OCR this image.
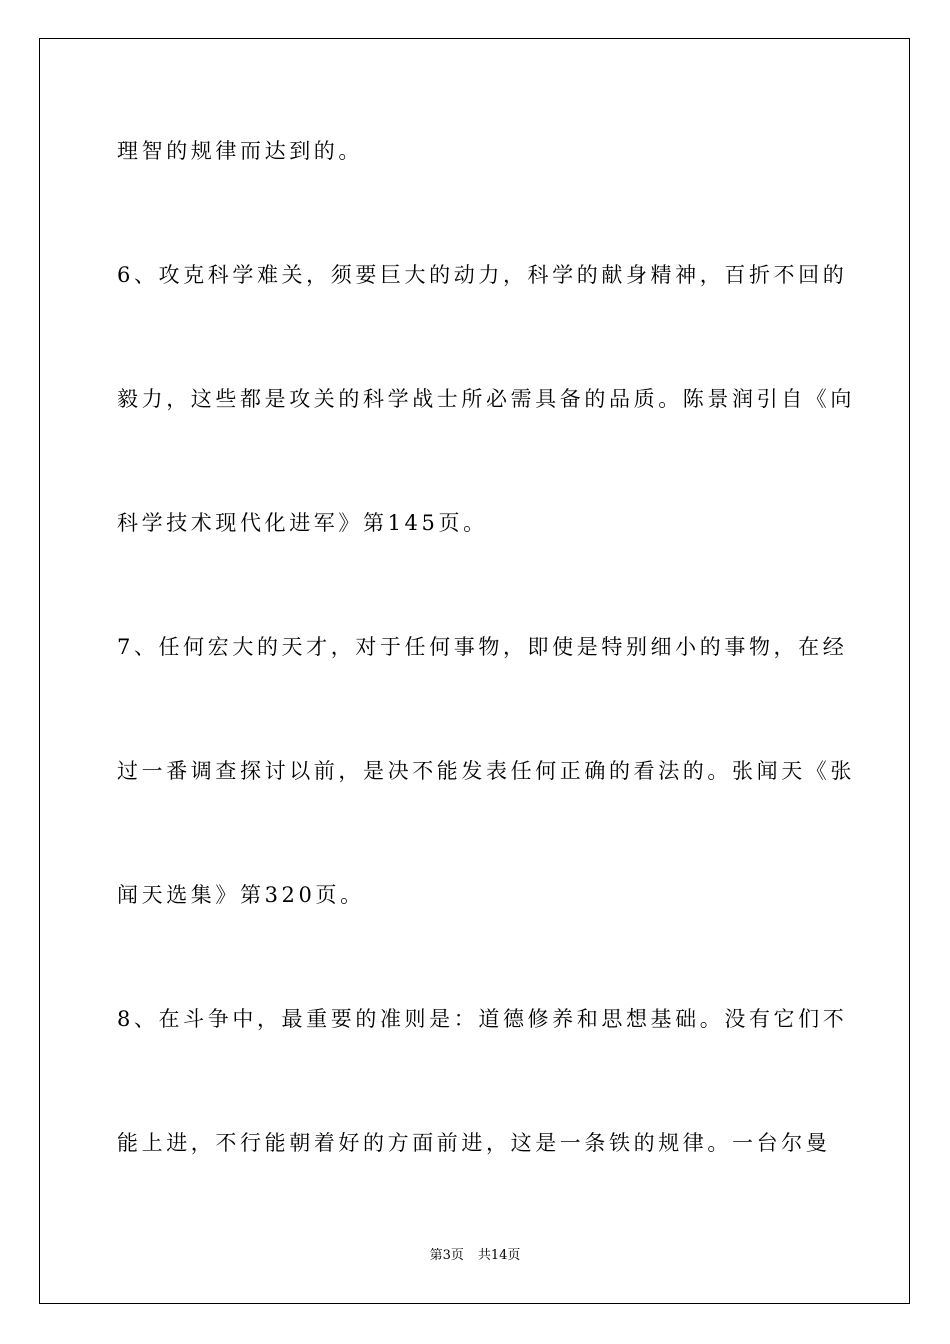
理智的规律而达到的。
6、攻克科学难关，须要巨大的动力，科学的献身精神，百折不回的
毅力，这些都是攻关的科学战士所必需具备的品质。陈景润引自《向
科学技术现代化进军》第145页。
7、任何宏大的天才，对于任何事物，即使是特别细小的事物，在经
过一番调查探讨以前，是决不能发表任何正确的看法的。张闻天《张
闻天选集》第320页。
8、在斗争中，最重要的准则是：道德修养和思想基础。没有它们不
能上进，不行能朝着好的方面前进，这是一条铁的规律。一台尔曼
第3页 共14页
